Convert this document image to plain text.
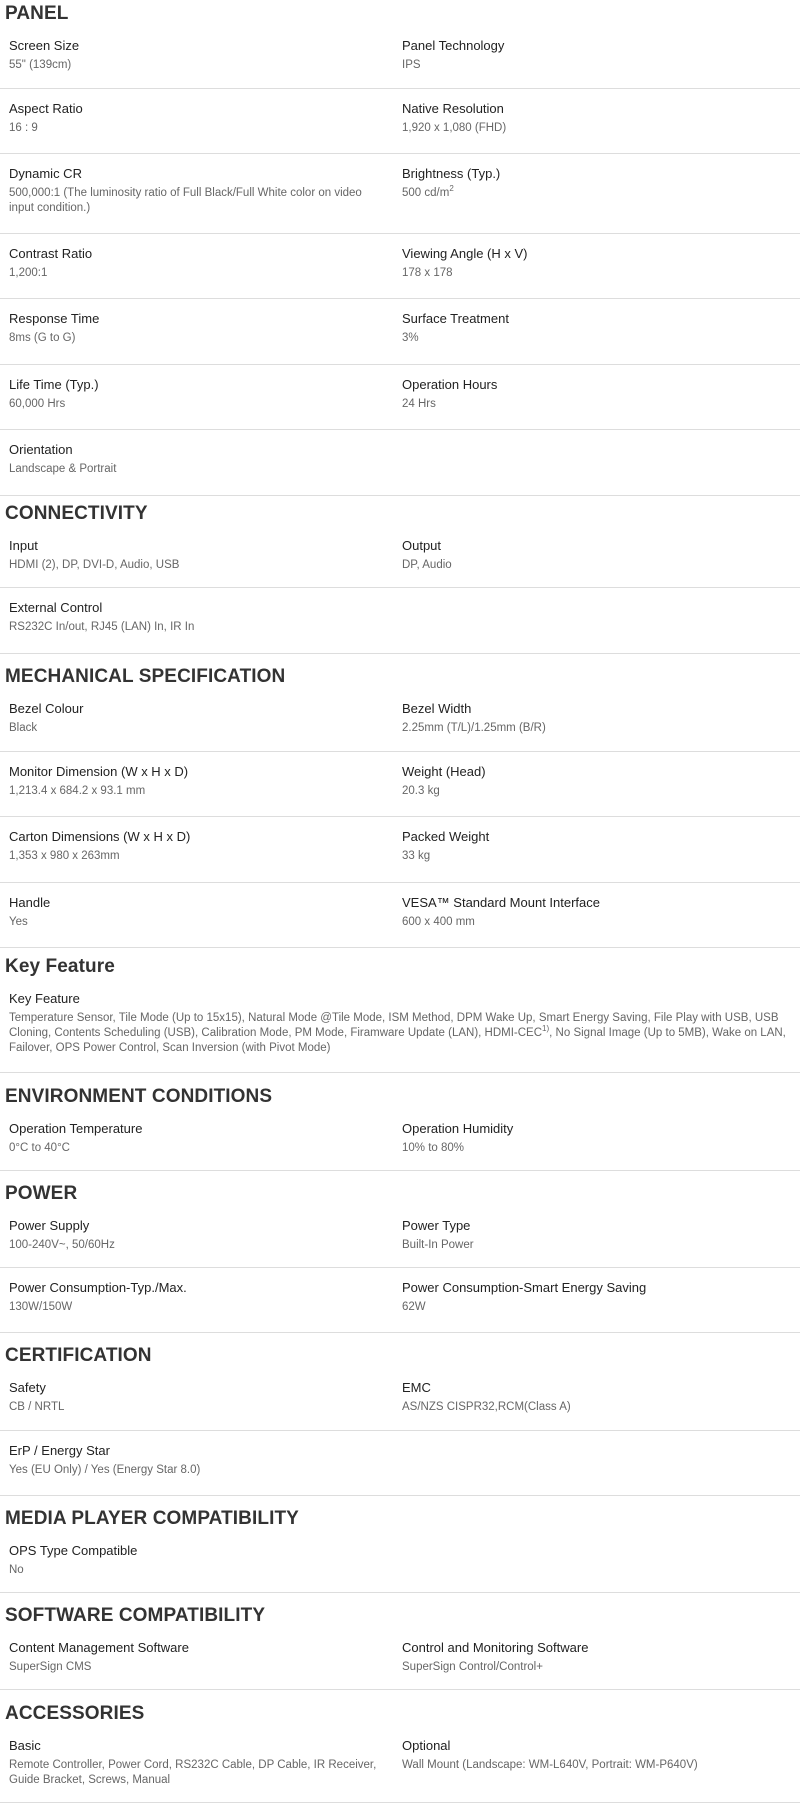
PANEL
Screen Size
55" (139cm)
Panel Technology
IPS
Aspect Ratio
16 : 9
Native Resolution
1,920 x 1,080 (FHD)
Dynamic CR
500,000:1 (The luminosity ratio of Full Black/Full White color on video input condition.)
Brightness (Typ.)
500 $cd/m^2$
Contrast Ratio
1,200:1
Viewing Angle (H x V)
178 x 178
Response Time
8ms (G to G)
Surface Treatment
3%
Life Time (Typ.)
60,000 Hrs
Operation Hours
24 Hrs
Orientation
Landscape & Portrait
CONNECTIVITY
Input
HDMI (2), DP, DVI-D, Audio, USB
Output
DP, Audio
External Control
RS232C In/out, RJ45 (LAN) In, IR In
MECHANICAL SPECIFICATION
Bezel Colour
Black
Bezel Width
2.25mm (T/L)/1.25mm (B/R)
Monitor Dimension (W x H x D)
1,213.4 x 684.2 x 93.1 mm
Weight (Head)
20.3 kg
Carton Dimensions (W x H x D)
1,353 x 980 x 263mm
Packed Weight
33 kg
Handle
Yes
VESA™ Standard Mount Interface
600 x 400 mm
Key Feature
Key Feature
Temperature Sensor, Tile Mode (Up to 15x15), Natural Mode @Tile Mode, ISM Method, DPM Wake Up, Smart Energy Saving, File Play with USB, USB Cloning, Contents Scheduling (USB), Calibration Mode, PM Mode, Firamware Update (LAN), HDMI-CEC$^{1)}$, No Signal Image (Up to 5MB), Wake on LAN, Failover, OPS Power Control, Scan Inversion (with Pivot Mode)
ENVIRONMENT CONDITIONS
Operation Temperature
0°C to 40°C
Operation Humidity
10% to 80%
POWER
Power Supply
100-240V~, 50/60Hz
Power Type
Built-In Power
Power Consumption-Typ./Max.
130W/150W
Power Consumption-Smart Energy Saving
62W
CERTIFICATION
Safety
CB / NRTL
EMC
AS/NZS CISPR32,RCM(Class A)
ErP / Energy Star
Yes (EU Only) / Yes (Energy Star 8.0)
MEDIA PLAYER COMPATIBILITY
OPS Type Compatible
No
SOFTWARE COMPATIBILITY
Content Management Software
SuperSign CMS
Control and Monitoring Software
SuperSign Control/Control+
ACCESSORIES
Basic
Remote Controller, Power Cord, RS232C Cable, DP Cable, IR Receiver, Guide Bracket, Screws, Manual
Optional
Wall Mount (Landscape: WM-L640V, Portrait: WM-P640V)
